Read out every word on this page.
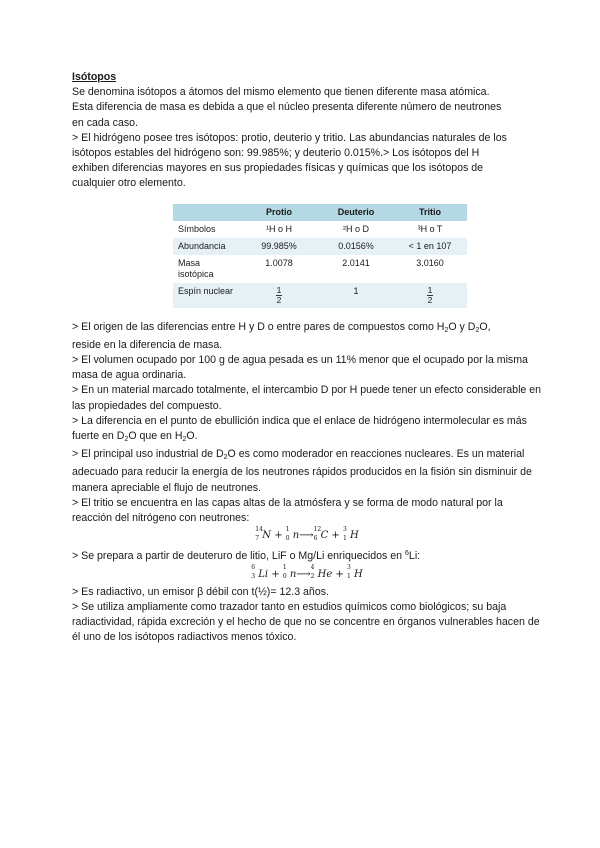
Isótopos

Se denomina isótopos a átomos del mismo elemento que tienen diferente masa atómica.

Esta diferencia de masa es debida a que el núcleo presenta diferente número de neutrones

en cada caso.

> El hidrógeno posee tres isótopos: protio, deuterio y tritio. Las abundancias naturales de los

isótopos estables del hidrógeno son: 99.985%; y deuterio 0.015%.> Los isótopos del H

exhiben diferencias mayores en sus propiedades físicas y químicas que los isótopos de

cualquier otro elemento.

	Protio	Deuterio	Tritio
Símbolos	¹H o H	²H o D	³H o T
Abundancia	99.985%	0.0156%	< 1 en 107
Masa isotópica	1.0078	2.0141	3.0160
Espín nuclear	$\frac{1}{2}$	1	$\frac{1}{2}$

> El origen de las diferencias entre H y D o entre pares de compuestos como $H_2O$ y $D_2O$,
reside en la diferencia de masa.

> El volumen ocupado por 100 g de agua pesada es un 11% menor que el ocupado por la misma masa de agua ordinaria.

> En un material marcado totalmente, el intercambio D por H puede tener un efecto considerable en las propiedades del compuesto.

> La diferencia en el punto de ebullición indica que el enlace de hidrógeno intermolecular es más fuerte en $D_2O$ que en $H_2O$.

> El principal uso industrial de $D_2O$ es como moderador en reacciones nucleares. Es un material adecuado para reducir la energía de los neutrones rápidos producidos en la fisión sin disminuir de manera apreciable el flujo de neutrones.

> El tritio se encuentra en las capas altas de la atmósfera y se forma de modo natural por la reacción del nitrógeno con neutrones:

14
7 N +
1
0 n⟶
12
6 C +
3
1 H

> Se prepara a partir de deuteruro de litio, LiF o Mg/Li enriquecidos en $^6$Li:

6
3 Li +
1
0 n⟶
4
2 He +
3
1 H

> Es radiactivo, un emisor β débil con t(½)= 12.3 años.

> Se utiliza ampliamente como trazador tanto en estudios químicos como biológicos; su baja radiactividad, rápida excreción y el hecho de que no se concentre en órganos vulnerables hacen de él uno de los isótopos radiactivos menos tóxico.
